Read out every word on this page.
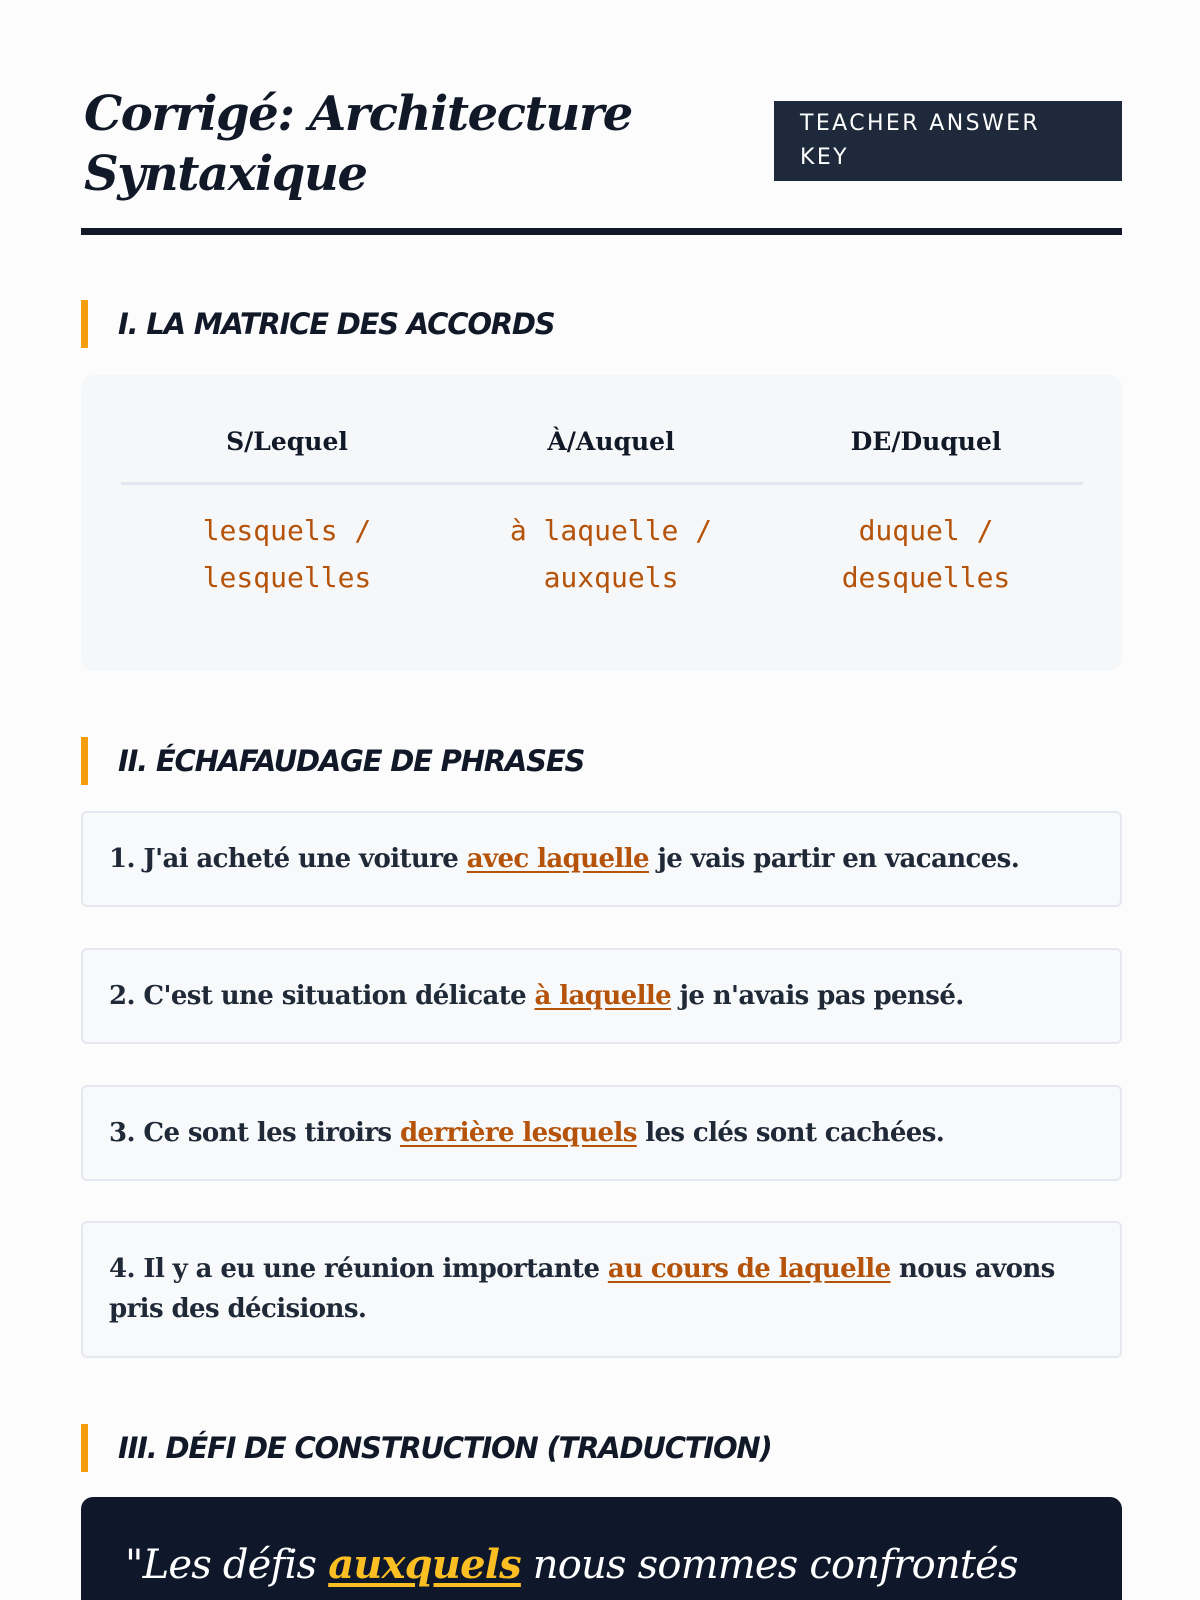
Corrigé: Architecture Syntaxique
TEACHER ANSWER KEY
I. LA MATRICE DES ACCORDS
S/Lequel	À/Auquel	DE/Duquel
lesquels / lesquelles
à laquelle / auxquels
duquel / desquelles
II. ÉCHAFAUDAGE DE PHRASES
1. J'ai acheté une voiture avec laquelle je vais partir en vacances.
2. C'est une situation délicate à laquelle je n'avais pas pensé.
3. Ce sont les tiroirs derrière lesquels les clés sont cachées.
4. Il y a eu une réunion importante au cours de laquelle nous avons pris des décisions.
III. DÉFI DE CONSTRUCTION (TRADUCTION)
"Les défis auxquels nous sommes confrontés
